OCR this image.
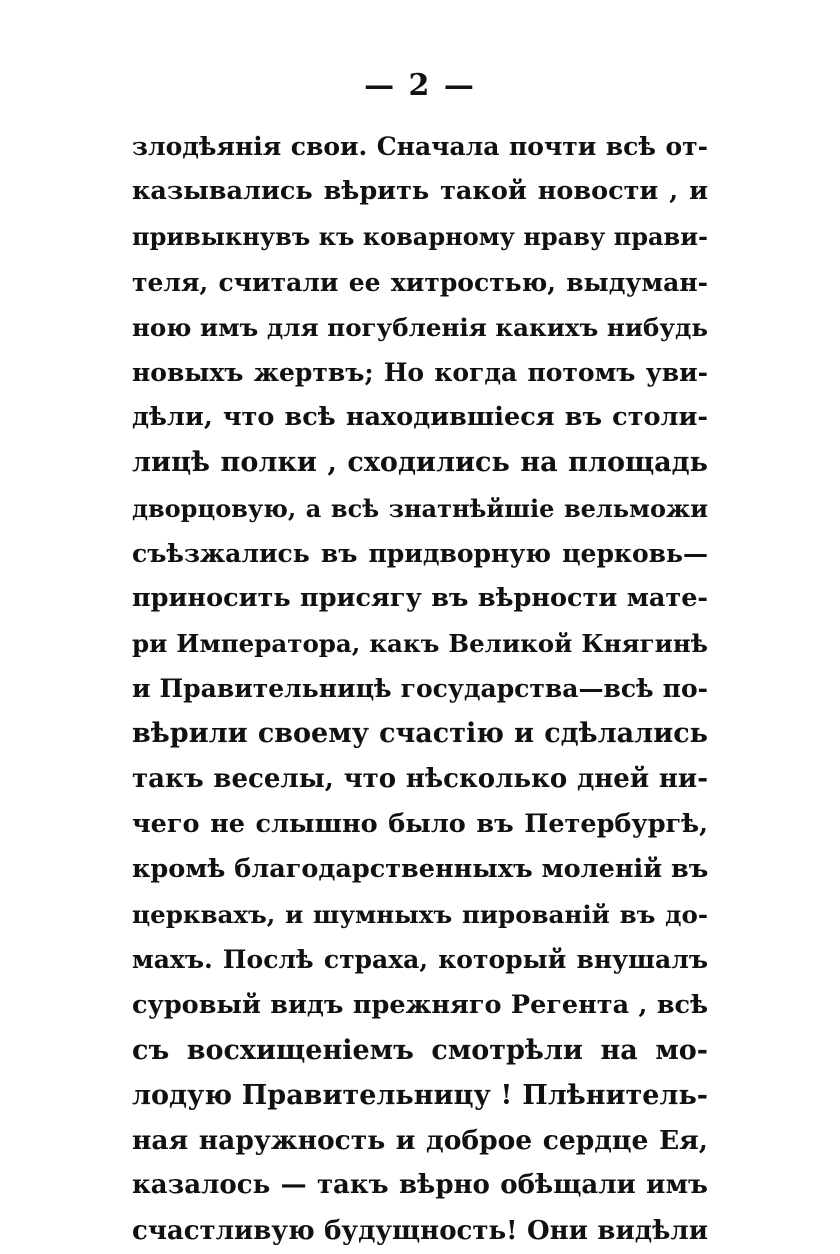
— 2 —
злодѣянія свои. Сначала почти всѣ от-
казывались вѣрить такой новости , и
привыкнувъ къ коварному нраву прави-
теля, считали ее хитростью, выдуман-
ною имъ для погубленія какихъ нибудь
новыхъ жертвъ; Но когда потомъ уви-
дѣли, что всѣ находившіеся въ столи-
лицѣ полки , сходились на площадь
дворцовую, а всѣ знатнѣйшіе вельможи
съѣзжались въ придворную церковь—
приносить присягу въ вѣрности мате-
ри Императора, какъ Великой Княгинѣ
и Правительницѣ государства—всѣ по-
вѣрили своему счастію и сдѣлались
такъ веселы, что нѣсколько дней ни-
чего не слышно было въ Петербургѣ,
кромѣ благодарственныхъ моленій въ
церквахъ, и шумныхъ пированій въ до-
махъ. Послѣ страха, который внушалъ
суровый видъ прежняго Регента , всѣ
съ восхищеніемъ смотрѣли на мо-
лодую Правительницу ! Плѣнитель-
ная наружность и доброе сердце Ея,
казалось — такъ вѣрно обѣщали имъ
счастливую будущность! Они видѣли
